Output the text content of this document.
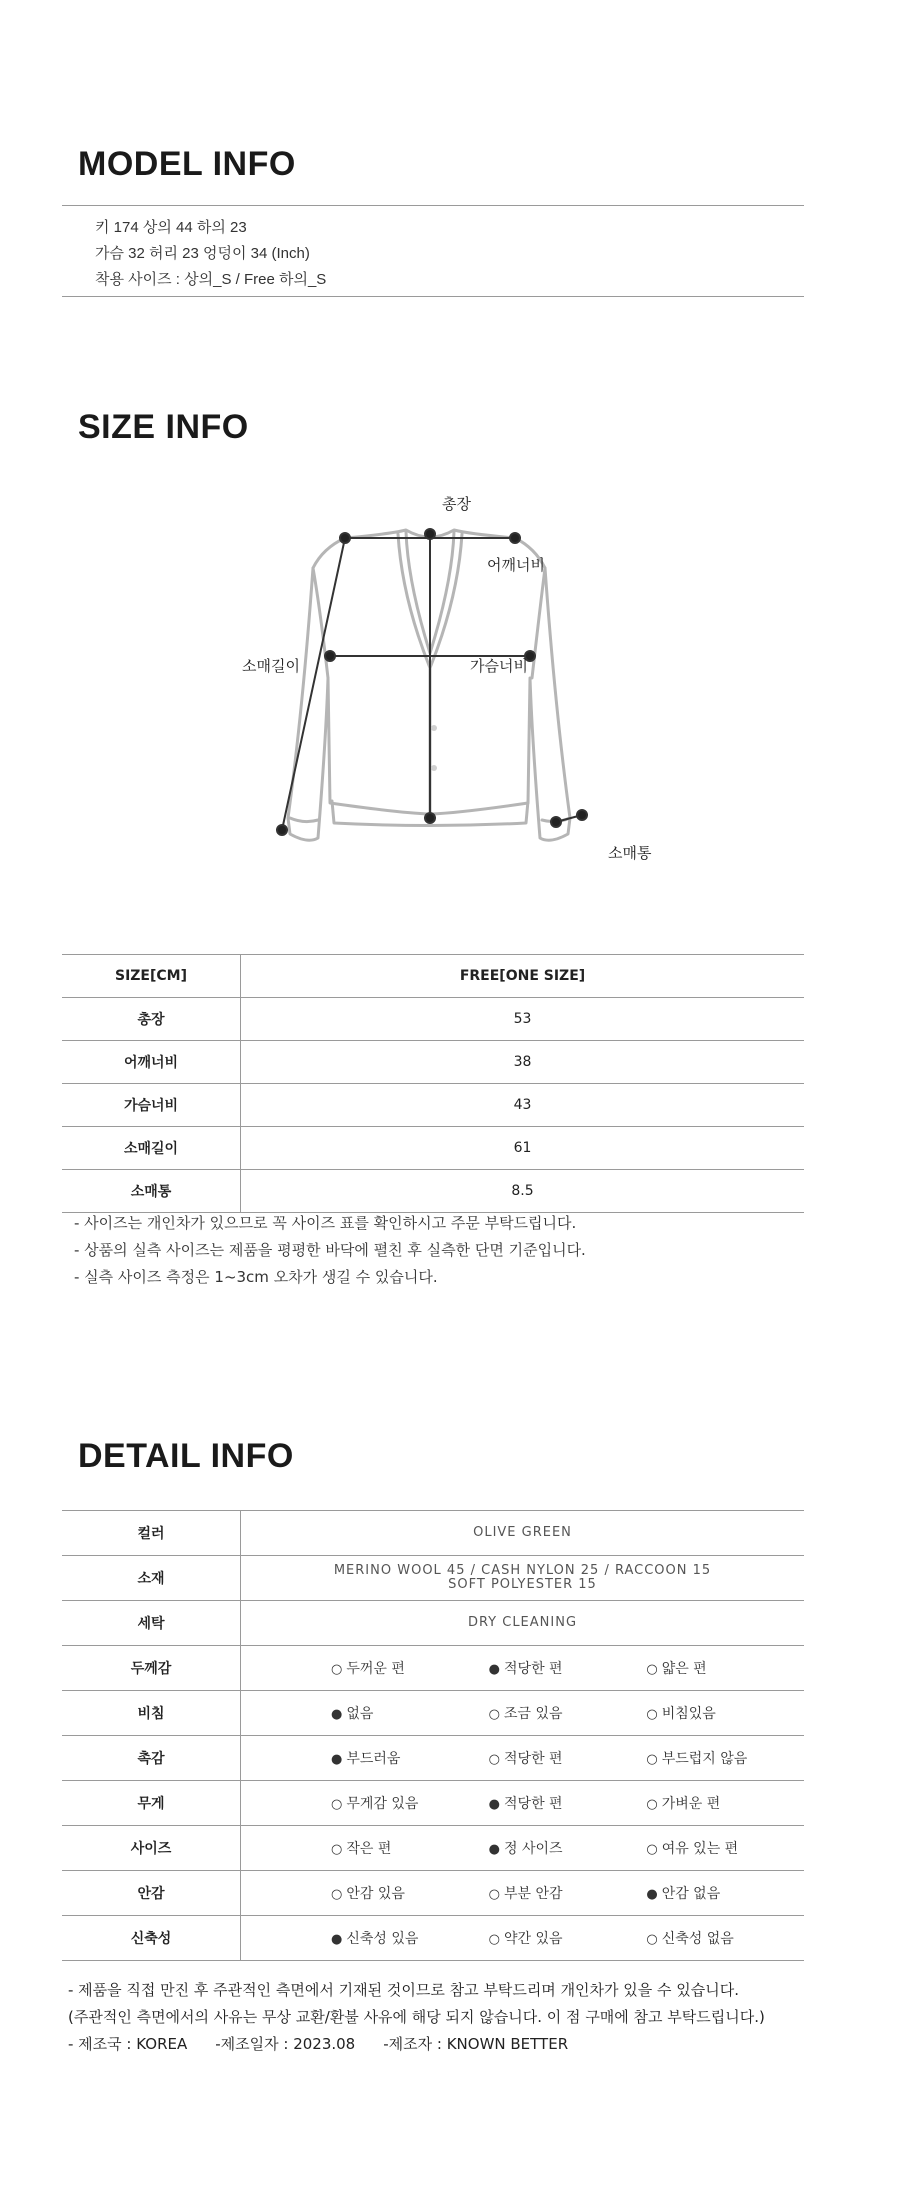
MODEL INFO
키 174 상의 44 하의 23
가슴 32 허리 23 엉덩이 34 (Inch)
착용 사이즈 : 상의_S / Free 하의_S
SIZE INFO
총장
어깨너비
소매길이	가슴너비
소매통
SIZE[CM]	FREE[ONE SIZE]
총장	53
어깨너비	38
가슴너비	43
소매길이	61
소매통	8.5
- 사이즈는 개인차가 있으므로 꼭 사이즈 표를 확인하시고 주문 부탁드립니다.
- 상품의 실측 사이즈는 제품을 평평한 바닥에 펼친 후 실측한 단면 기준입니다.
- 실측 사이즈 측정은 1~3cm 오차가 생길 수 있습니다.
DETAIL INFO
컬러	OLIVE GREEN
소재	MERINO WOOL 45 / CASH NYLON 25 / RACCOON 15
SOFT POLYESTER 15

세탁	DRY CLEANING
두께감	○ 두꺼운 편 ● 적당한 편 ○ 얇은 편

비침	● 없음 ○ 조금 있음 ○ 비침있음

촉감	● 부드러움 ○ 적당한 편 ○ 부드럽지 않음

무게	○ 무게감 있음 ● 적당한 편 ○ 가벼운 편

사이즈	○ 작은 편 ● 정 사이즈 ○ 여유 있는 편

안감	○ 안감 있음 ○ 부분 안감 ● 안감 없음

신축성	● 신축성 있음 ○ 약간 있음 ○ 신축성 없음
- 제품을 직접 만진 후 주관적인 측면에서 기재된 것이므로 참고 부탁드리며 개인차가 있을 수 있습니다.
(주관적인 측면에서의 사유는 무상 교환/환불 사유에 해당 되지 않습니다. 이 점 구매에 참고 부탁드립니다.)
- 제조국 : KOREA -제조일자 : 2023.08 -제조자 : KNOWN BETTER
